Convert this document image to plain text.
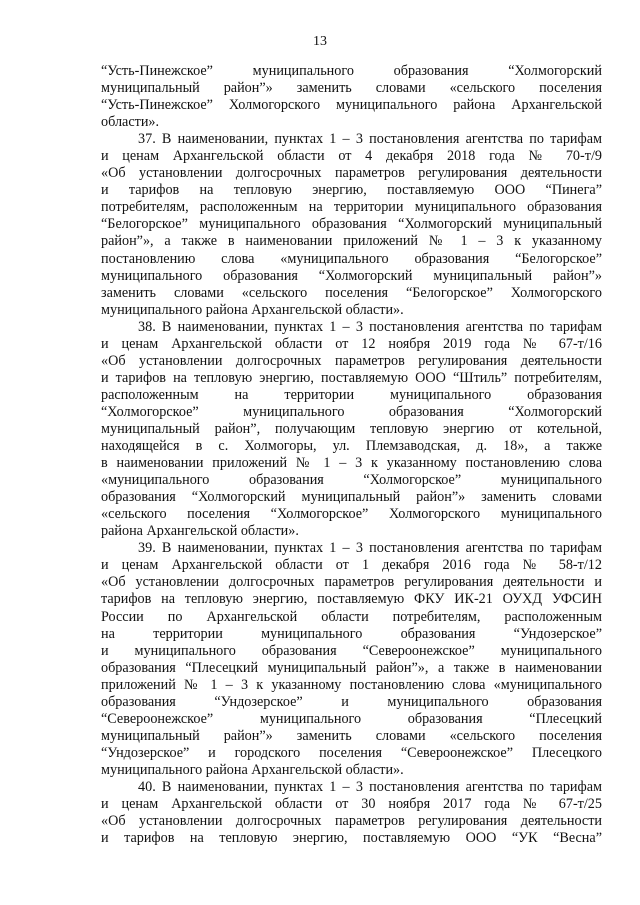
13
“Усть-Пинежское” муниципального образования “Холмогорский
муниципальный район”» заменить словами «сельского поселения
“Усть-Пинежское” Холмогорского муниципального района Архангельской
области».
37. В наименовании, пунктах 1 – 3 постановления агентства по тарифам
и ценам Архангельской области от 4 декабря 2018 года № 70-т/9
«Об установлении долгосрочных параметров регулирования деятельности
и тарифов на тепловую энергию, поставляемую ООО “Пинега”
потребителям, расположенным на территории муниципального образования
“Белогорское” муниципального образования “Холмогорский муниципальный
район”», а также в наименовании приложений № 1 – 3 к указанному
постановлению слова «муниципального образования “Белогорское”
муниципального образования “Холмогорский муниципальный район”»
заменить словами «сельского поселения “Белогорское” Холмогорского
муниципального района Архангельской области».
38. В наименовании, пунктах 1 – 3 постановления агентства по тарифам
и ценам Архангельской области от 12 ноября 2019 года № 67-т/16
«Об установлении долгосрочных параметров регулирования деятельности
и тарифов на тепловую энергию, поставляемую ООО “Штиль” потребителям,
расположенным на территории муниципального образования
“Холмогорское” муниципального образования “Холмогорский
муниципальный район”, получающим тепловую энергию от котельной,
находящейся в с. Холмогоры, ул. Племзаводская, д. 18», а также
в наименовании приложений № 1 – 3 к указанному постановлению слова
«муниципального образования “Холмогорское” муниципального
образования “Холмогорский муниципальный район”» заменить словами
«сельского поселения “Холмогорское” Холмогорского муниципального
района Архангельской области».
39. В наименовании, пунктах 1 – 3 постановления агентства по тарифам
и ценам Архангельской области от 1 декабря 2016 года № 58-т/12
«Об установлении долгосрочных параметров регулирования деятельности и
тарифов на тепловую энергию, поставляемую ФКУ ИК-21 ОУХД УФСИН
России по Архангельской области потребителям, расположенным
на территории муниципального образования “Ундозерское”
и муниципального образования “Североонежское” муниципального
образования “Плесецкий муниципальный район”», а также в наименовании
приложений № 1 – 3 к указанному постановлению слова «муниципального
образования “Ундозерское” и муниципального образования
“Североонежское” муниципального образования “Плесецкий
муниципальный район”» заменить словами «сельского поселения
“Ундозерское” и городского поселения “Североонежское” Плесецкого
муниципального района Архангельской области».
40. В наименовании, пунктах 1 – 3 постановления агентства по тарифам
и ценам Архангельской области от 30 ноября 2017 года № 67-т/25
«Об установлении долгосрочных параметров регулирования деятельности
и тарифов на тепловую энергию, поставляемую ООО “УК “Весна”
